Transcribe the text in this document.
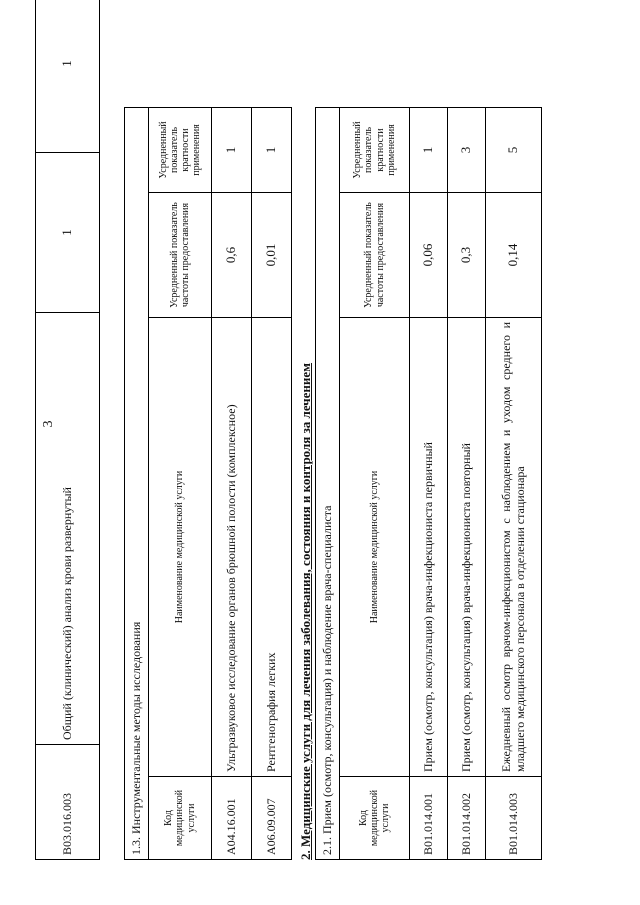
3
B03.016.003	Общий (клинический) анализ крови развернутый	1	1
1.3. Инструментальные методы исследования			
Код медицинской услуги	Наименование медицинской услуги	Усредненный показатель частоты предоставления	Усредненный показатель кратности применения
A04.16.001	Ультразвуковое исследование органов брюшной полости (комплексное)	0,6	1
A06.09.007	Рентгенография легких	0,01	1
2. Медицинские услуги для лечения заболевания, состояния и контроля за лечением 2.1. Прием (осмотр, консультация) и наблюдение врача-специалиста			
Код медицинской услуги	Наименование медицинской услуги	Усредненный показатель частоты предоставления	Усредненный показатель кратности применения
B01.014.001	Прием (осмотр, консультация) врача-инфекциониста первичный	0,06	1
B01.014.002	Прием (осмотр, консультация) врача-инфекциониста повторный	0,3	3
B01.014.003	Ежедневный осмотр врачом-инфекционистом с наблюдением и уходом среднего и младшего медицинского персонала в отделении стационара	0,14	5
